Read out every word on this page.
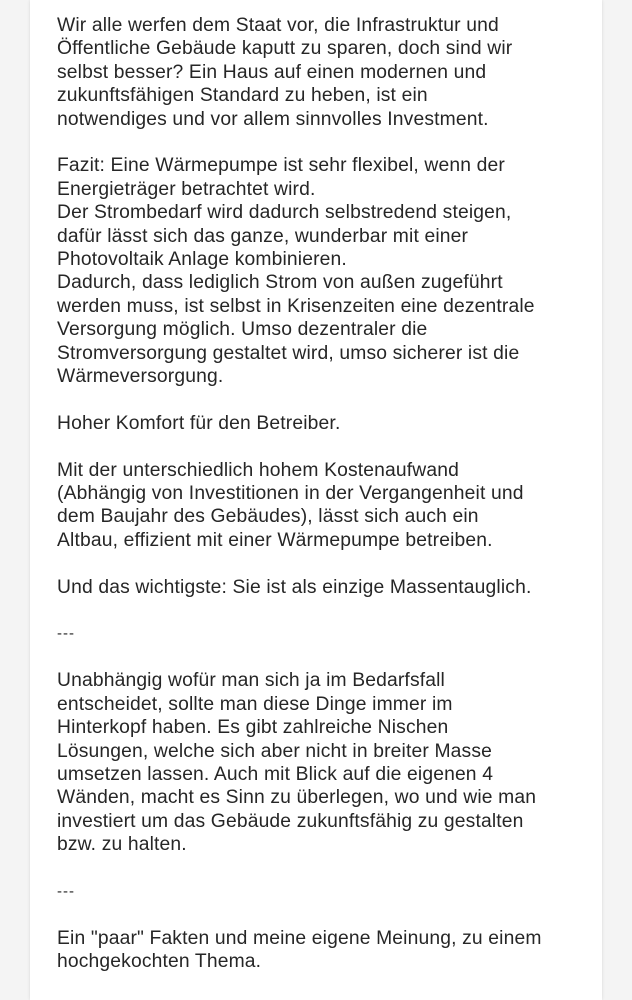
Wir alle werfen dem Staat vor, die Infrastruktur und
Öffentliche Gebäude kaputt zu sparen, doch sind wir
selbst besser? Ein Haus auf einen modernen und
zukunftsfähigen Standard zu heben, ist ein
notwendiges und vor allem sinnvolles Investment.

Fazit: Eine Wärmepumpe ist sehr flexibel, wenn der
Energieträger betrachtet wird.
Der Strombedarf wird dadurch selbstredend steigen,
dafür lässt sich das ganze, wunderbar mit einer
Photovoltaik Anlage kombinieren.
Dadurch, dass lediglich Strom von außen zugeführt
werden muss, ist selbst in Krisenzeiten eine dezentrale
Versorgung möglich. Umso dezentraler die
Stromversorgung gestaltet wird, umso sicherer ist die
Wärmeversorgung.

Hoher Komfort für den Betreiber.

Mit der unterschiedlich hohem Kostenaufwand
(Abhängig von Investitionen in der Vergangenheit und
dem Baujahr des Gebäudes), lässt sich auch ein
Altbau, effizient mit einer Wärmepumpe betreiben.

Und das wichtigste: Sie ist als einzige Massentauglich.

---

Unabhängig wofür man sich ja im Bedarfsfall
entscheidet, sollte man diese Dinge immer im
Hinterkopf haben. Es gibt zahlreiche Nischen
Lösungen, welche sich aber nicht in breiter Masse
umsetzen lassen. Auch mit Blick auf die eigenen 4
Wänden, macht es Sinn zu überlegen, wo und wie man
investiert um das Gebäude zukunftsfähig zu gestalten
bzw. zu halten.

---

Ein "paar" Fakten und meine eigene Meinung, zu einem
hochgekochten Thema.
